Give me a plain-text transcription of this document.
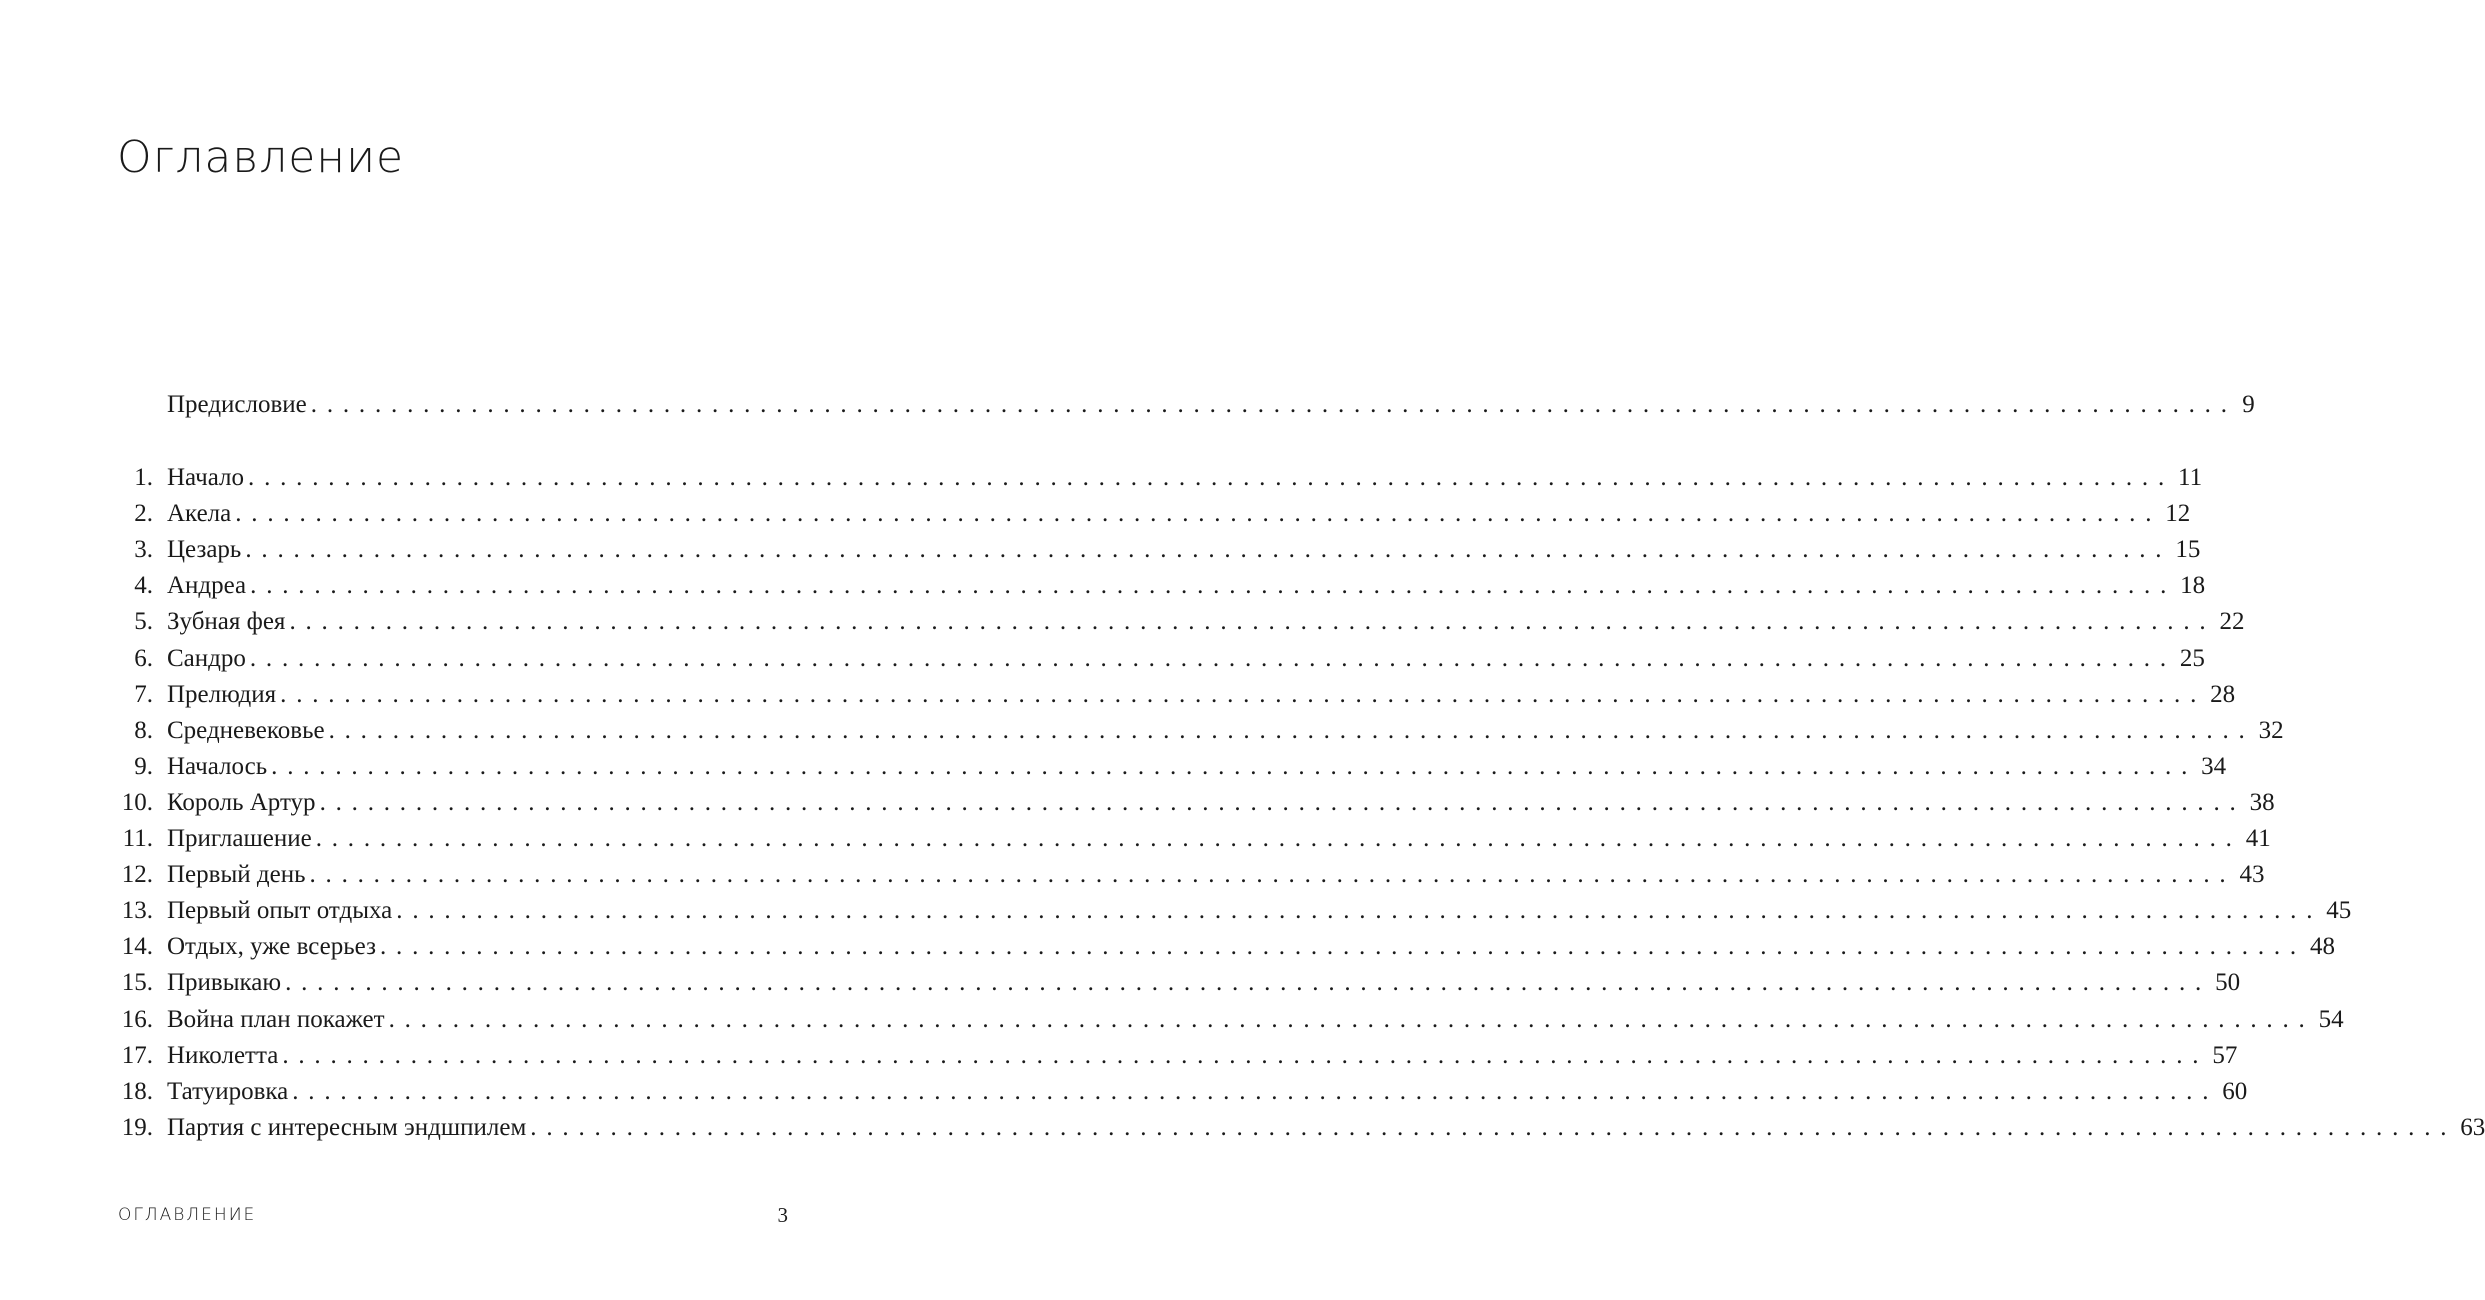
Оглавление
Предисловие ........................................................................................................................ 9
1. Начало ........................................................................................................................ 11
2. Акела ........................................................................................................................ 12
3. Цезарь ........................................................................................................................ 15
4. Андреа ........................................................................................................................ 18
5. Зубная фея ........................................................................................................................ 22
6. Сандро ........................................................................................................................ 25
7. Прелюдия ........................................................................................................................ 28
8. Средневековье ........................................................................................................................ 32
9. Началось ........................................................................................................................ 34
10. Король Артур ........................................................................................................................ 38
11. Приглашение ........................................................................................................................ 41
12. Первый день ........................................................................................................................ 43
13. Первый опыт отдыха ........................................................................................................................ 45
14. Отдых, уже всерьез ........................................................................................................................ 48
15. Привыкаю ........................................................................................................................ 50
16. Война план покажет ........................................................................................................................ 54
17. Николетта ........................................................................................................................ 57
18. Татуировка ........................................................................................................................ 60
19. Партия с интересным эндшпилем ........................................................................................................................ 63
ОГЛАВЛЕНИЕ	3
